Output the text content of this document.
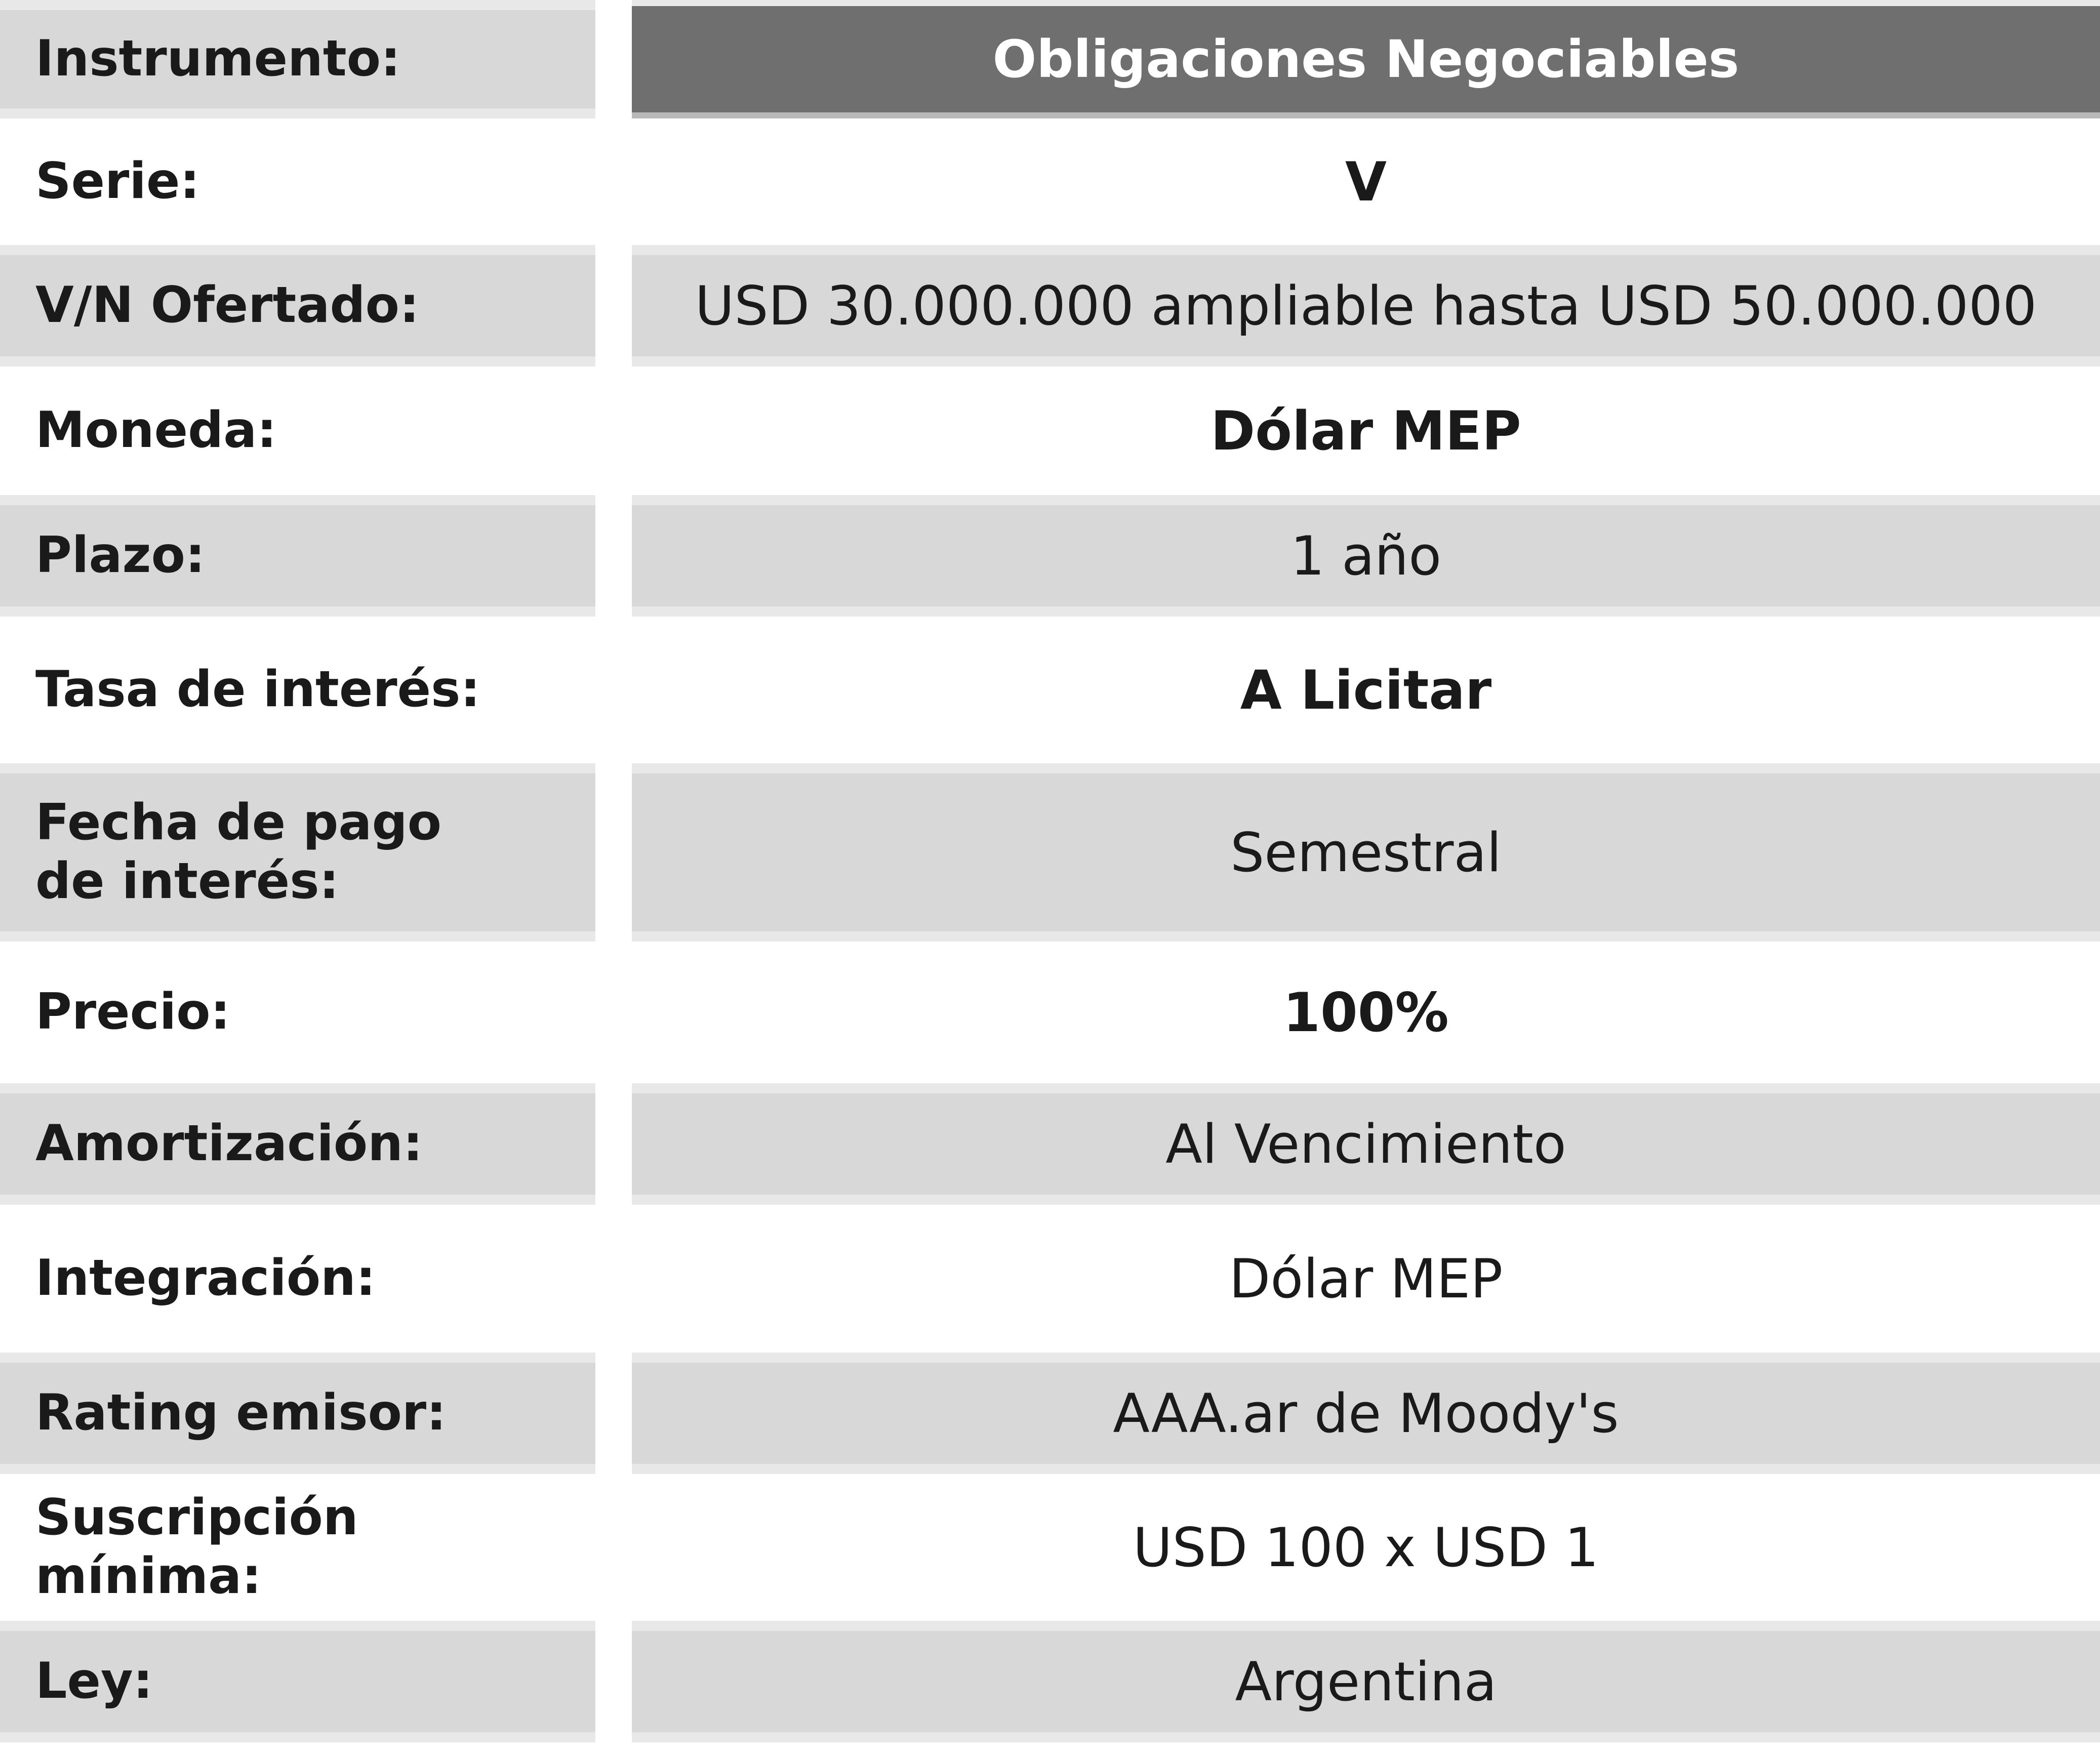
Instrumento:	Obligaciones Negociables
Serie:	V
V/N Ofertado:	USD 30.000.000 ampliable hasta USD 50.000.000
Moneda:	Dólar MEP
Plazo:	1 año
Tasa de interés:	A Licitar
Fecha de pago
de interés:	Semestral
Precio:	100%
Amortización:	Al Vencimiento
Integración:	Dólar MEP
Rating emisor:	AAA.ar de Moody's
Suscripción mínima:	USD 100 x USD 1
Ley:	Argentina
